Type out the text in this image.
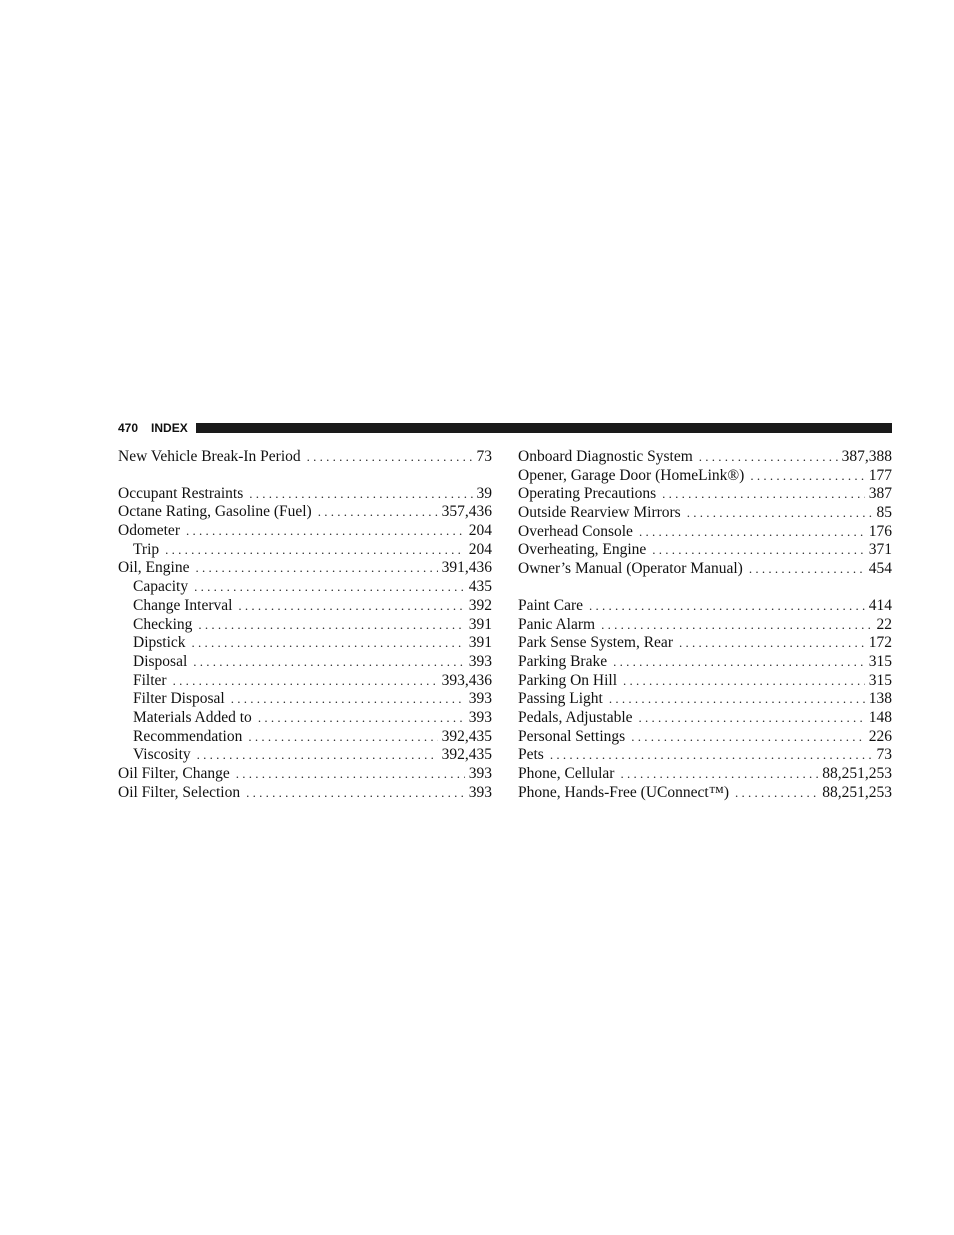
470 INDEX
New Vehicle Break-In Period . . .	73
Occupant Restraints . . .	39
Octane Rating, Gasoline (Fuel) . . .	357,436
Odometer . . .	204
Trip . . .	204
Oil, Engine . . .	391,436
Capacity . . .	435
Change Interval . . .	392
Checking . . .	391
Dipstick . . .	391
Disposal . . .	393
Filter . . .	393,436
Filter Disposal . . .	393
Materials Added to . . .	393
Recommendation . . .	392,435
Viscosity . . .	392,435
Oil Filter, Change . . .	393
Oil Filter, Selection . . .	393
Onboard Diagnostic System . . .	387,388
Opener, Garage Door (HomeLink®) . . .	177
Operating Precautions . . .	387
Outside Rearview Mirrors . . .	85
Overhead Console . . .	176
Overheating, Engine . . .	371
Owner’s Manual (Operator Manual) . . .	454
Paint Care . . .	414
Panic Alarm . . .	22
Park Sense System, Rear . . .	172
Parking Brake . . .	315
Parking On Hill . . .	315
Passing Light . . .	138
Pedals, Adjustable . . .	148
Personal Settings . . .	226
Pets . . .	73
Phone, Cellular . . .	88,251,253
Phone, Hands-Free (UConnect™) . . .	88,251,253
